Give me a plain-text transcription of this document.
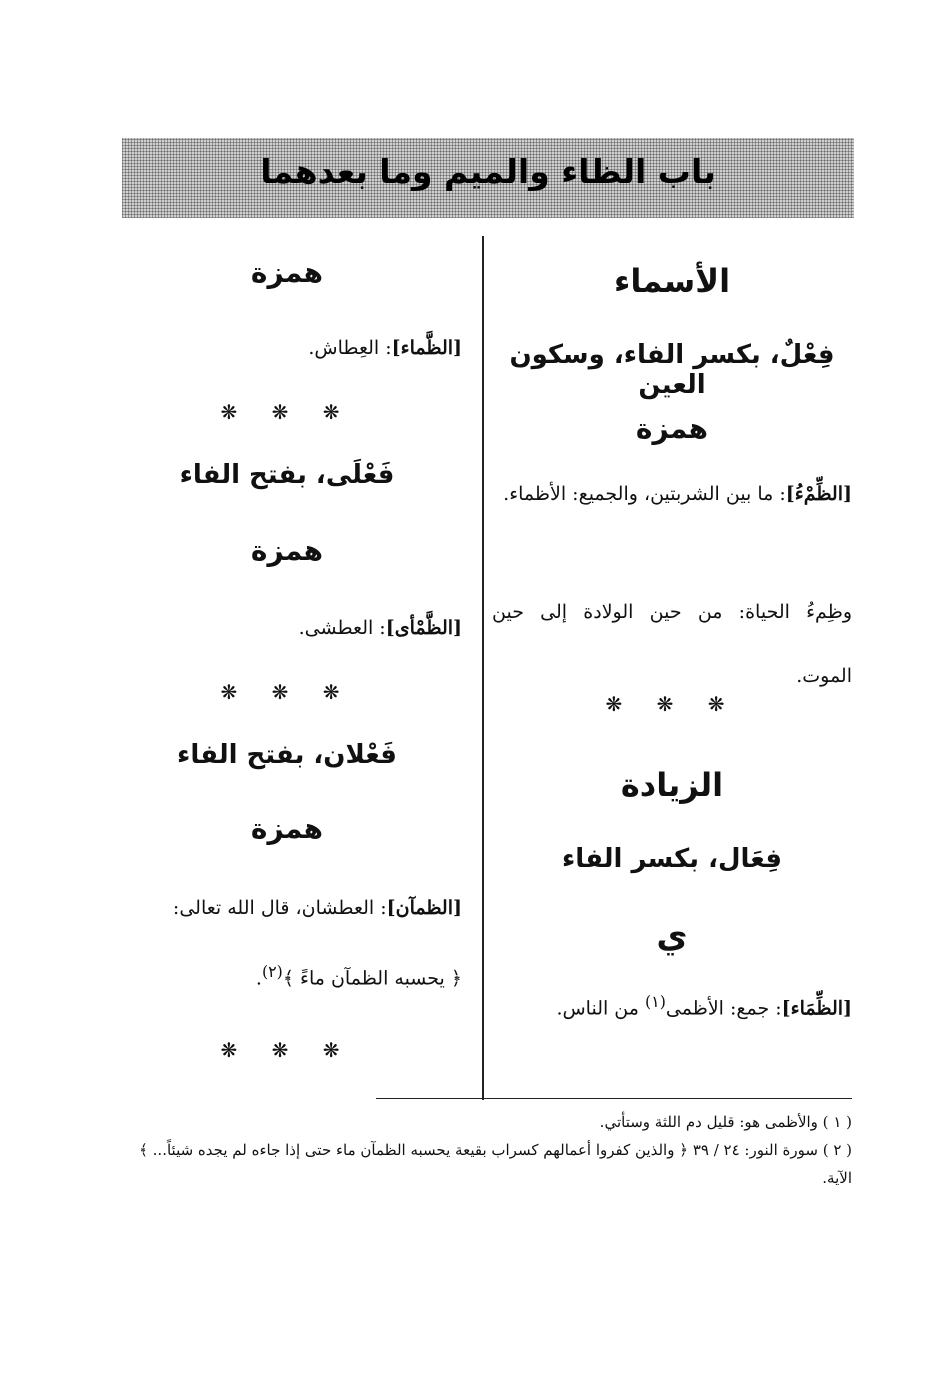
باب الظاء والميم وما بعدهما
الأسماء
فِعْلٌ، بكسر الفاء، وسكون العين
همزة
[الظِّمْءُ]: ما بين الشربتين، والجميع: الأظماء.
وظِمءُ الحياة: من حين الولادة إلى حين الموت.
❋ ❋ ❋
الزيادة
فِعَال، بكسر الفاء
ي
[الظِّمَاء]: جمع: الأظمى$^{(١)}$ من الناس.
همزة
[الظَّماء]: العِطاش.
❋ ❋ ❋
فَعْلَى، بفتح الفاء
همزة
[الظَّمْأى]: العطشى.
❋ ❋ ❋
فَعْلان، بفتح الفاء
همزة
[الظمآن]: العطشان، قال الله تعالى:
﴿ يحسبه الظمآن ماءً ﴾$^{(٢)}$.
❋ ❋ ❋

( ١ ) والأظمى هو: قليل دم اللثة وستأتي.

( ٢ ) سورة النور: ٢٤ / ٣٩ ﴿ والذين كفروا أعمالهم كسراب بقيعة يحسبه الظمآن ماء حتى إذا جاءه لم يجده شيئاً... ﴾ الآية.
